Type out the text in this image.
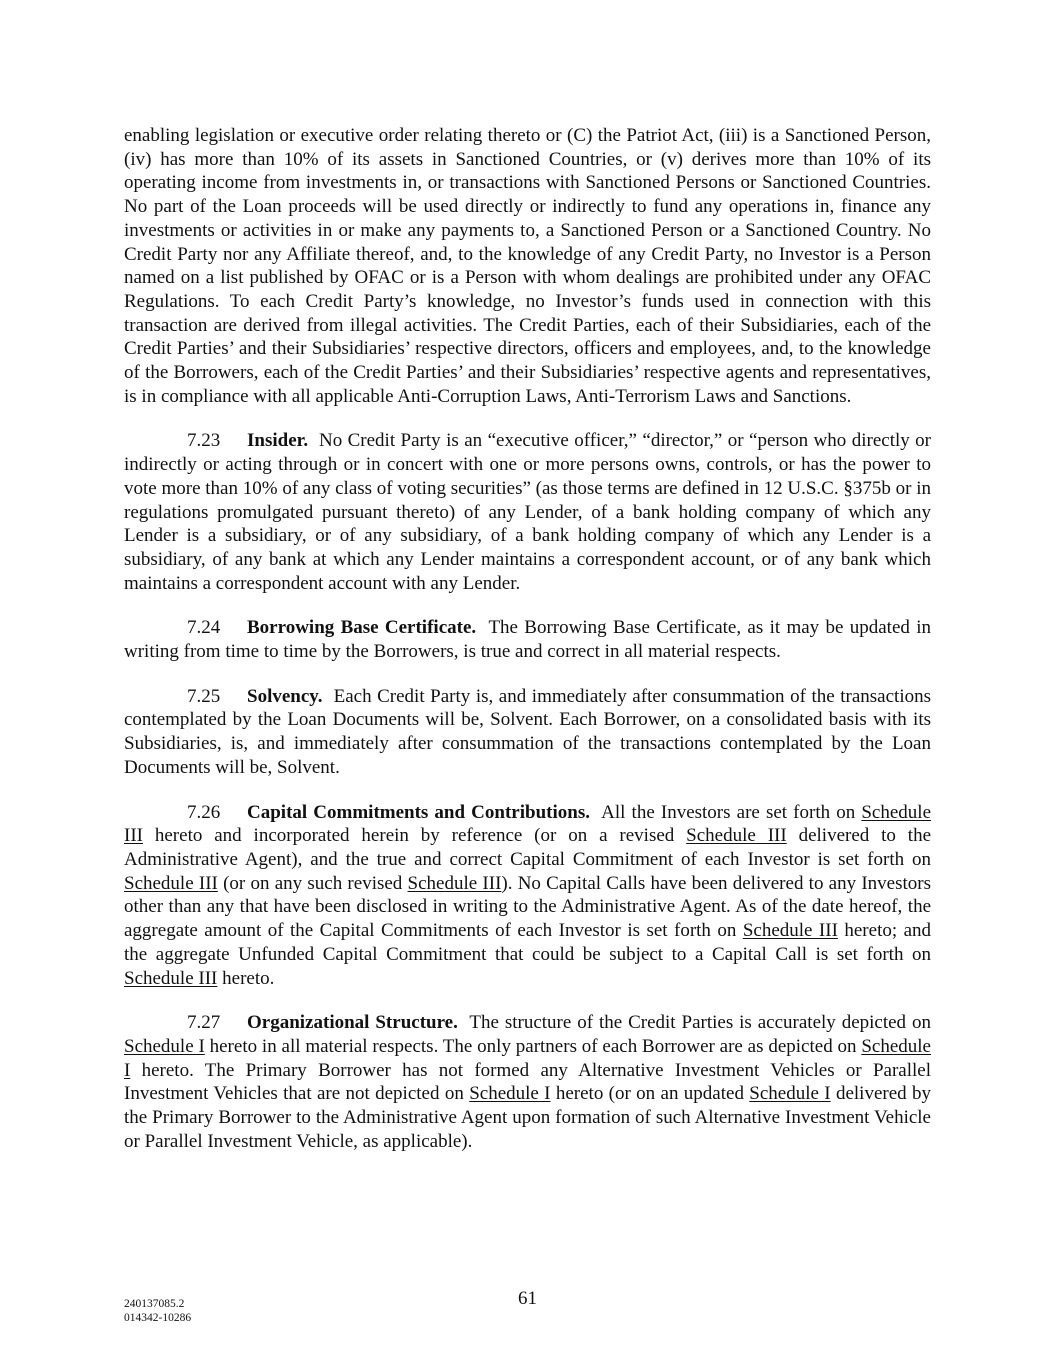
enabling legislation or executive order relating thereto or (C) the Patriot Act, (iii) is a Sanctioned Person, (iv) has more than 10% of its assets in Sanctioned Countries, or (v) derives more than 10% of its operating income from investments in, or transactions with Sanctioned Persons or Sanctioned Countries. No part of the Loan proceeds will be used directly or indirectly to fund any operations in, finance any investments or activities in or make any payments to, a Sanctioned Person or a Sanctioned Country. No Credit Party nor any Affiliate thereof, and, to the knowledge of any Credit Party, no Investor is a Person named on a list published by OFAC or is a Person with whom dealings are prohibited under any OFAC Regulations. To each Credit Party’s knowledge, no Investor’s funds used in connection with this transaction are derived from illegal activities. The Credit Parties, each of their Subsidiaries, each of the Credit Parties’ and their Subsidiaries’ respective directors, officers and employees, and, to the knowledge of the Borrowers, each of the Credit Parties’ and their Subsidiaries’ respective agents and representatives, is in compliance with all applicable Anti-Corruption Laws, Anti-Terrorism Laws and Sanctions.

7.23 Insider. No Credit Party is an “executive officer,” “director,” or “person who directly or indirectly or acting through or in concert with one or more persons owns, controls, or has the power to vote more than 10% of any class of voting securities” (as those terms are defined in 12 U.S.C. §375b or in regulations promulgated pursuant thereto) of any Lender, of a bank holding company of which any Lender is a subsidiary, or of any subsidiary, of a bank holding company of which any Lender is a subsidiary, of any bank at which any Lender maintains a correspondent account, or of any bank which maintains a correspondent account with any Lender.

7.24 Borrowing Base Certificate. The Borrowing Base Certificate, as it may be updated in writing from time to time by the Borrowers, is true and correct in all material respects.

7.25 Solvency. Each Credit Party is, and immediately after consummation of the transactions contemplated by the Loan Documents will be, Solvent. Each Borrower, on a consolidated basis with its Subsidiaries, is, and immediately after consummation of the transactions contemplated by the Loan Documents will be, Solvent.

7.26 Capital Commitments and Contributions. All the Investors are set forth on Schedule III hereto and incorporated herein by reference (or on a revised Schedule III delivered to the Administrative Agent), and the true and correct Capital Commitment of each Investor is set forth on Schedule III (or on any such revised Schedule III). No Capital Calls have been delivered to any Investors other than any that have been disclosed in writing to the Administrative Agent. As of the date hereof, the aggregate amount of the Capital Commitments of each Investor is set forth on Schedule III hereto; and the aggregate Unfunded Capital Commitment that could be subject to a Capital Call is set forth on Schedule III hereto.

7.27 Organizational Structure. The structure of the Credit Parties is accurately depicted on Schedule I hereto in all material respects. The only partners of each Borrower are as depicted on Schedule I hereto. The Primary Borrower has not formed any Alternative Investment Vehicles or Parallel Investment Vehicles that are not depicted on Schedule I hereto (or on an updated Schedule I delivered by the Primary Borrower to the Administrative Agent upon formation of such Alternative Investment Vehicle or Parallel Investment Vehicle, as applicable).

240137085.2
014342-10286
61
